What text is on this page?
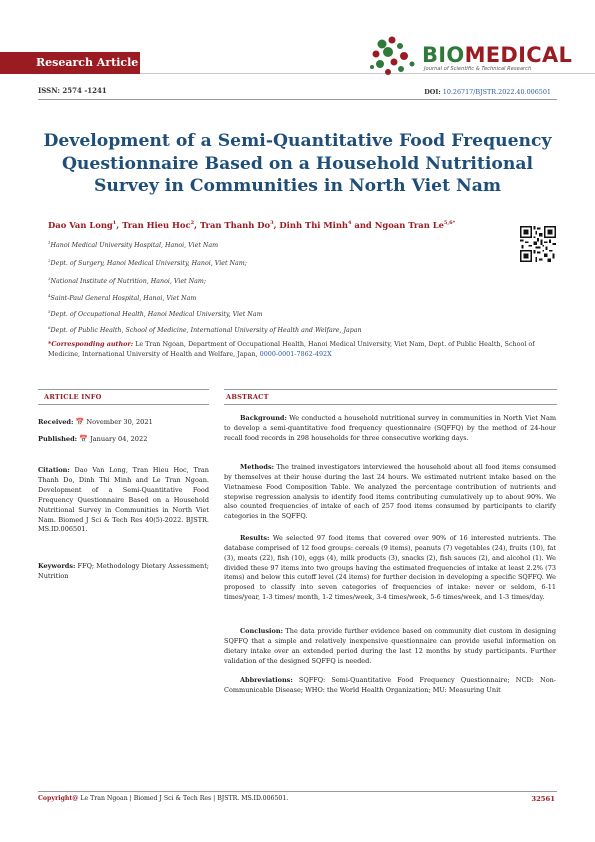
Research Article	BIOMEDICAL
Journal of Scientific & Technical Research
ISSN: 2574 -1241	DOI: 10.26717/BJSTR.2022.40.006501
Development of a Semi-Quantitative Food Frequency
Questionnaire Based on a Household Nutritional
Survey in Communities in North Viet Nam
Dao Van Long$^1$, Tran Hieu Hoc$^2$, Tran Thanh Do$^3$, Dinh Thi Minh$^4$ and Ngoan Tran $Le^{5,6*}$
$^1$Hanoi Medical University Hospital, Hanoi, Viet Nam
$^2$Dept. of Surgery, Hanoi Medical University, Hanoi, Viet Nam;
$^3$National Institute of Nutrition, Hanoi, Viet Nam;
$^4$Saint-Paul General Hospital, Hanoi, Viet Nam
$^5$Dept. of Occupational Health, Hanoi Medical University, Viet Nam
$^6$Dept. of Public Health, School of Medicine, International University of Health and Welfare, Japan
*Corresponding author: Le Tran Ngoan, Department of Occupational Health, Hanoi Medical University, Viet Nam, Dept. of Public Health, School of Medicine, International University of Health and Welfare, Japan, 0000-0001-7862-492X
ARTICLE INFO	ABSTRACT
Received: 📅 November 30, 2021
Published: 📅 January 04, 2022
Citation: Dao Van Long, Tran Hieu Hoc, Tran Thanh Do, Dinh Thi Minh and Le Tran Ngoan. Development of a Semi-Quantitative Food Frequency Questionnaire Based on a Household Nutritional Survey in Communities in North Viet Nam. Biomed J Sci & Tech Res 40(5)-2022. BJSTR. MS.ID.006501.
Keywords: FFQ; Methodology Dietary Assessment; Nutrition
Background: We conducted a household nutritional survey in communities in North Viet Nam to develop a semi-quantitative food frequency questionnaire (SQFFQ) by the method of 24-hour recall food records in 298 households for three consecutive working days.
Methods: The trained investigators interviewed the household about all food items consumed by themselves at their house during the last 24 hours. We estimated nutrient intake based on the Vietnamese Food Composition Table. We analyzed the percentage contribution of nutrients and stepwise regression analysis to identify food items contributing cumulatively up to about 90%. We also counted frequencies of intake of each of 257 food items consumed by participants to clarify categories in the SQFFQ.
Results: We selected 97 food items that covered over 90% of 16 interested nutrients. The database comprised of 12 food groups: cereals (9 items), peanuts (7) vegetables (24), fruits (10), fat (3), meats (22), fish (10), eggs (4), milk products (3), snacks (2), fish sauces (2), and alcohol (1). We divided these 97 items into two groups having the estimated frequencies of intake at least 2.2% (73 items) and below this cutoff level (24 items) for further decision in developing a specific SQFFQ. We proposed to classify into seven categories of frequencies of intake: never or seldom, 6-11 times/year, 1-3 times/ month, 1-2 times/week, 3-4 times/week, 5-6 times/week, and 1-3 times/day.
Conclusion: The data provide further evidence based on community diet custom in designing SQFFQ that a simple and relatively inexpensive questionnaire can provide useful information on dietary intake over an extended period during the last 12 months by study participants. Further validation of the designed SQFFQ is needed.
Abbreviations: SQFFQ: Semi-Quantitative Food Frequency Questionnaire; NCD: Non-Communicable Disease; WHO: the World Health Organization; MU: Measuring Unit
Copyright@ Le Tran Ngoan | Biomed J Sci & Tech Res | BJSTR. MS.ID.006501.	32561
